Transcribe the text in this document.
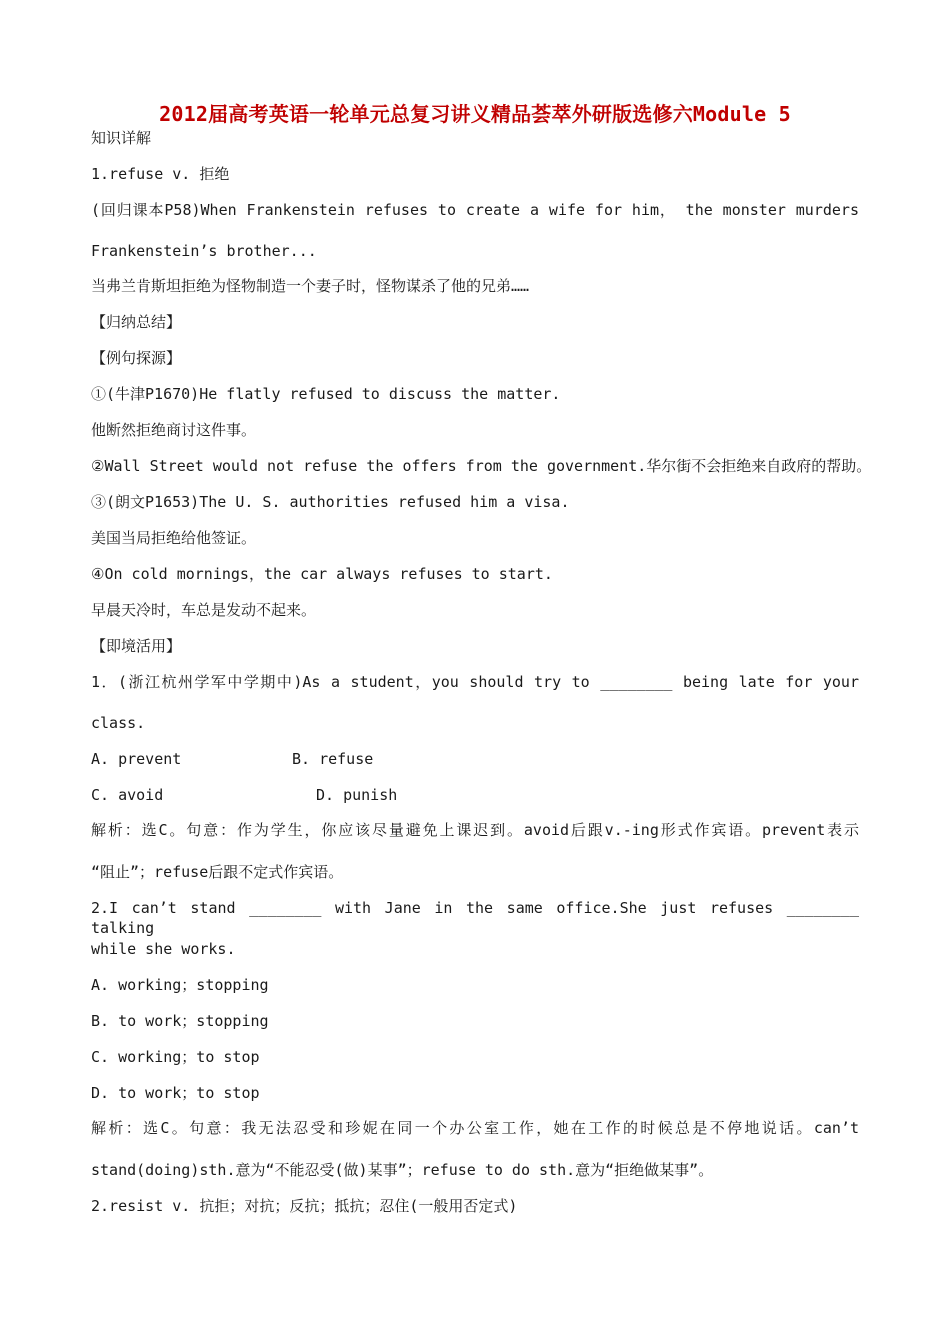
2012届高考英语一轮单元总复习讲义精品荟萃外研版选修六Module 5
知识详解
1.refuse v. 拒绝
(回归课本P58)When Frankenstein refuses to create a wife for him， the monster murders
Frankenstein’s brother...
当弗兰肯斯坦拒绝为怪物制造一个妻子时，怪物谋杀了他的兄弟……
【归纳总结】
【例句探源】
①(牛津P1670)He flatly refused to discuss the matter.
他断然拒绝商讨这件事。
②Wall Street would not refuse the offers from the government.华尔街不会拒绝来自政府的帮助。
③(朗文P1653)The U. S. authorities refused him a visa.
美国当局拒绝给他签证。
④On cold mornings，the car always refuses to start.
早晨天冷时，车总是发动不起来。
【即境活用】
1．(浙江杭州学军中学期中)As a student，you should try to ________ being late for your
class.
A. prevent	B. refuse
C. avoid	D. punish
解析：选C。句意：作为学生，你应该尽量避免上课迟到。avoid后跟v.-ing形式作宾语。prevent表示
“阻止”；refuse后跟不定式作宾语。
2.I can’t stand ________ with Jane in the same office.She just refuses ________ talking
while she works.
A. working；stopping
B. to work；stopping
C. working；to stop
D. to work；to stop
解析：选C。句意：我无法忍受和珍妮在同一个办公室工作，她在工作的时候总是不停地说话。can’t
stand(doing)sth.意为“不能忍受(做)某事”；refuse to do sth.意为“拒绝做某事”。
2.resist v. 抗拒；对抗；反抗；抵抗；忍住(一般用否定式)
